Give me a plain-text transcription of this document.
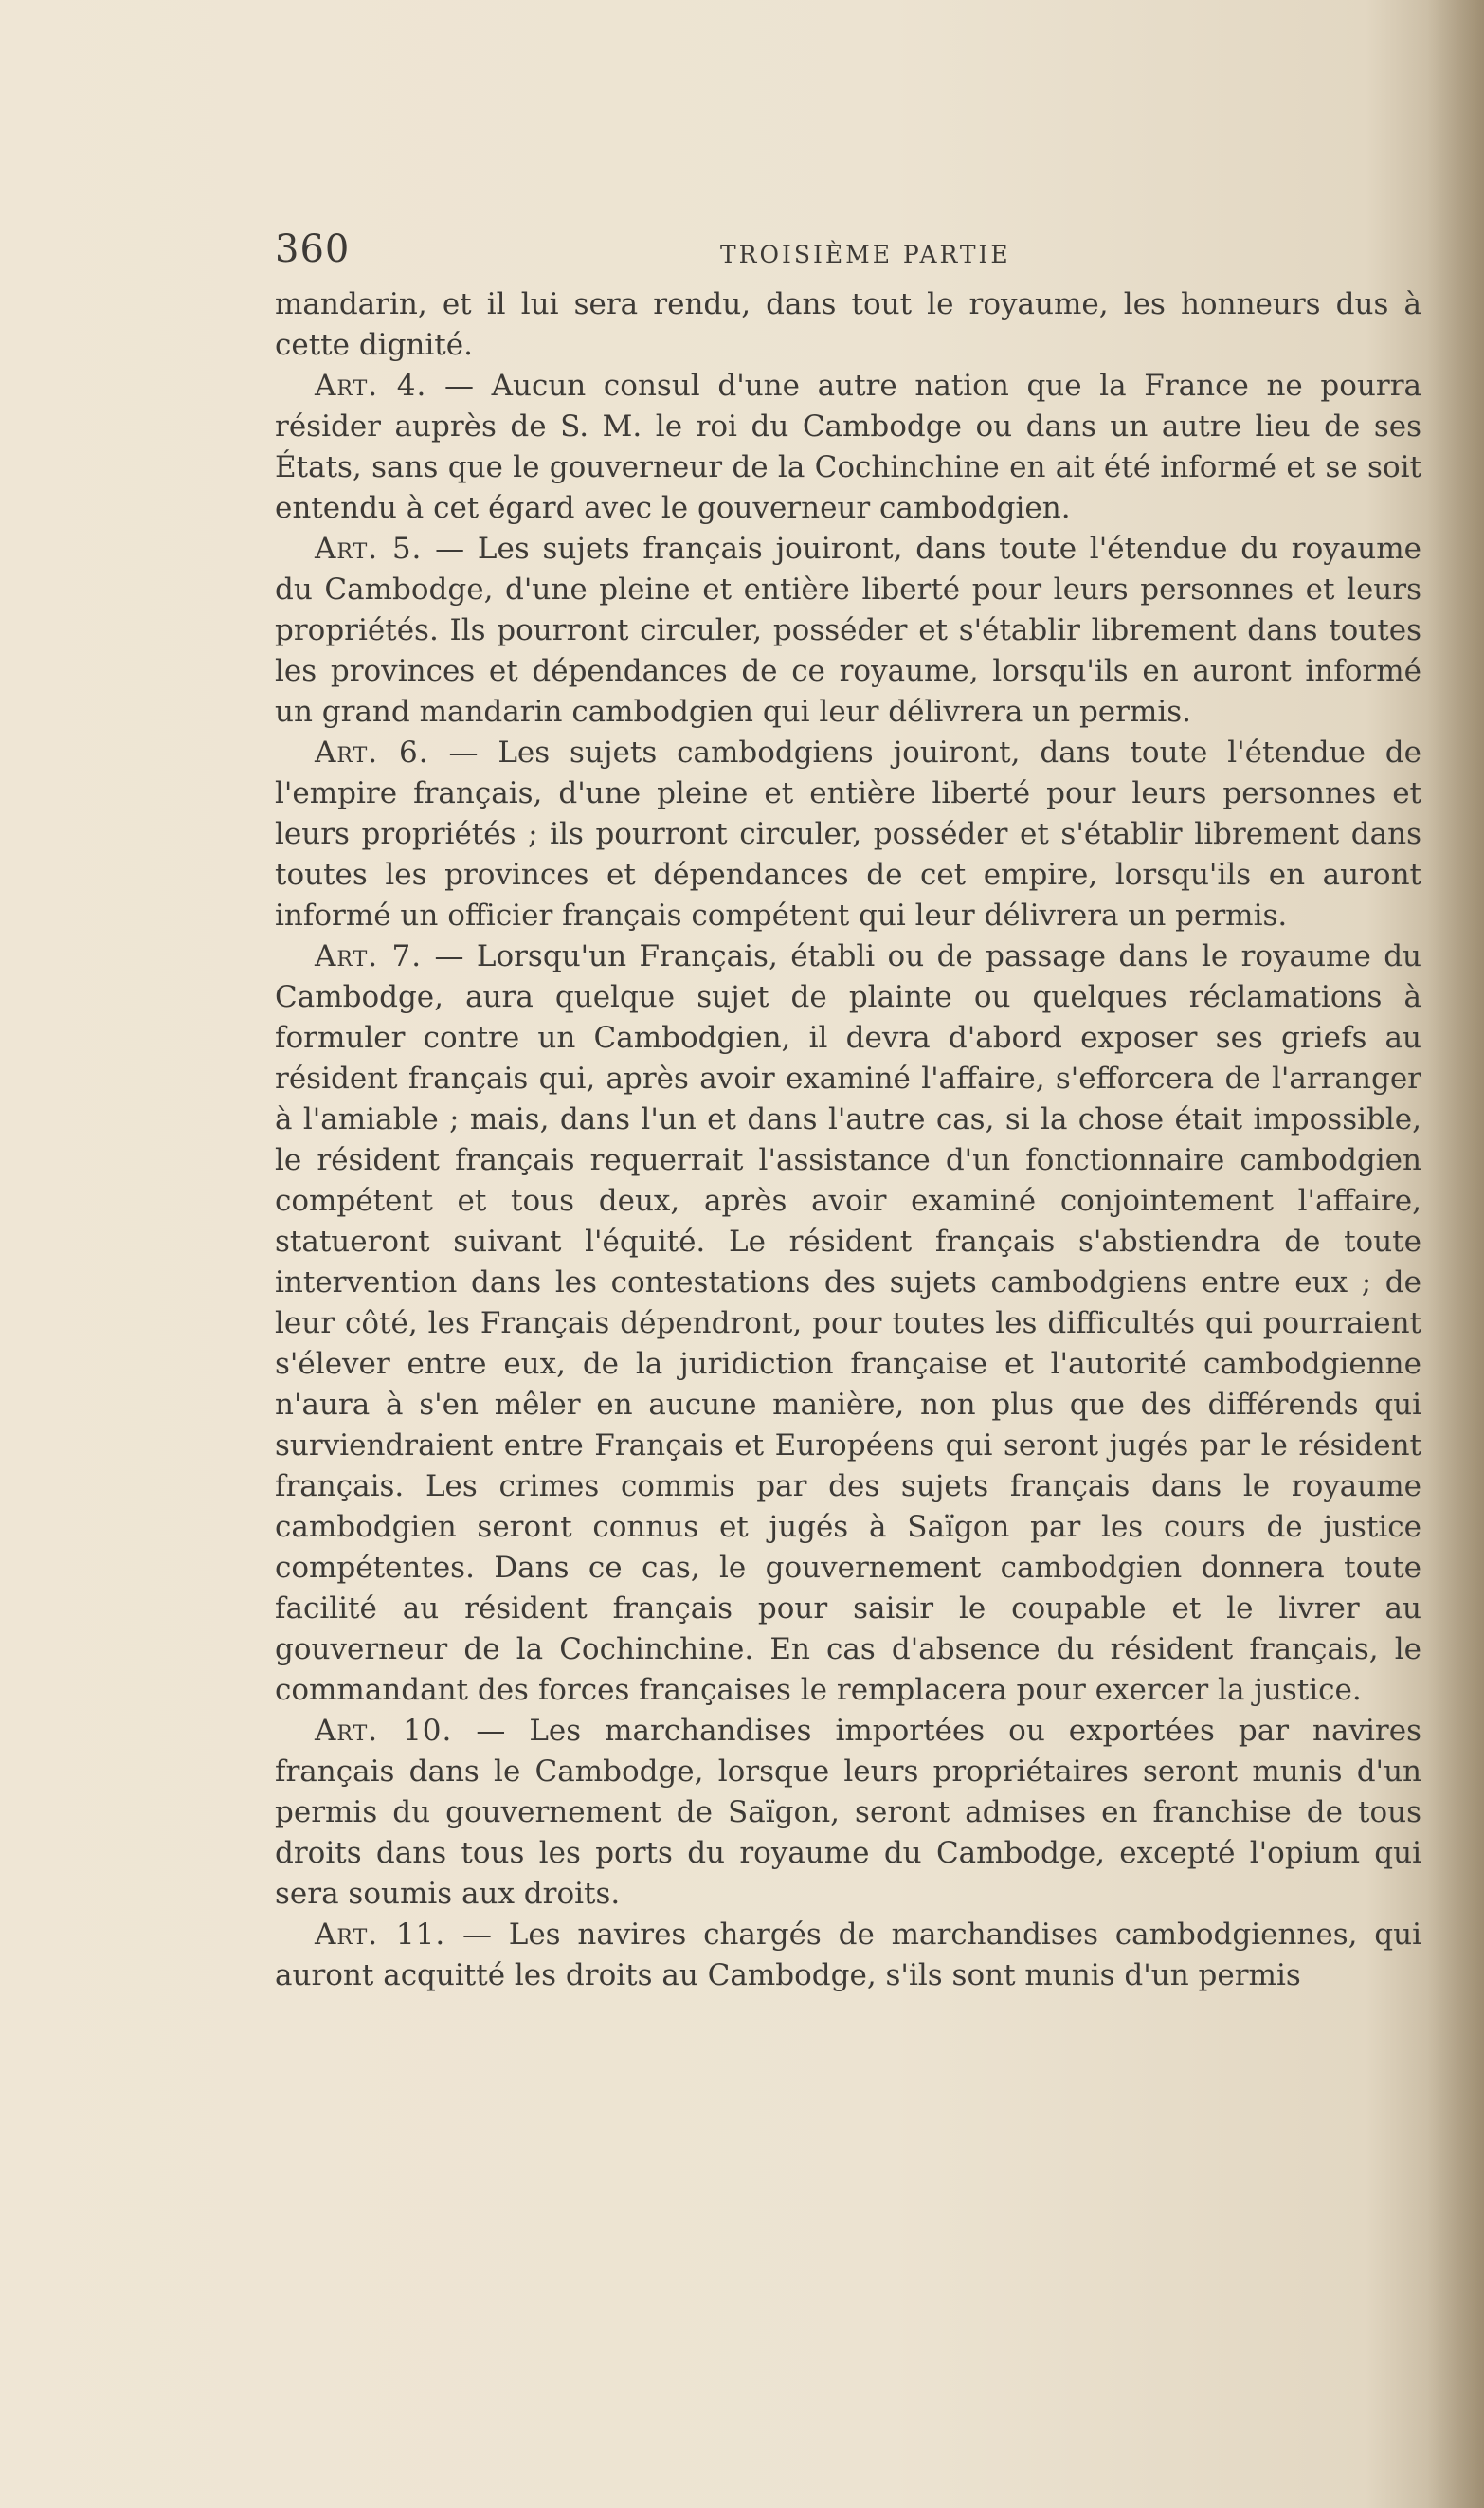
360	TROISIÈME PARTIE

mandarin, et il lui sera rendu, dans tout le royaume, les honneurs dus à cette dignité.

Art. 4. — Aucun consul d'une autre nation que la France ne pourra résider auprès de S. M. le roi du Cambodge ou dans un autre lieu de ses États, sans que le gouverneur de la Cochinchine en ait été informé et se soit entendu à cet égard avec le gouverneur cambodgien.

Art. 5. — Les sujets français jouiront, dans toute l'étendue du royaume du Cambodge, d'une pleine et entière liberté pour leurs personnes et leurs propriétés. Ils pourront circuler, posséder et s'établir librement dans toutes les provinces et dépendances de ce royaume, lorsqu'ils en auront informé un grand mandarin cambodgien qui leur délivrera un permis.

Art. 6. — Les sujets cambodgiens jouiront, dans toute l'étendue de l'empire français, d'une pleine et entière liberté pour leurs personnes et leurs propriétés ; ils pourront circuler, posséder et s'établir librement dans toutes les provinces et dépendances de cet empire, lorsqu'ils en auront informé un officier français compétent qui leur délivrera un permis.

Art. 7. — Lorsqu'un Français, établi ou de passage dans le royaume du Cambodge, aura quelque sujet de plainte ou quelques réclamations à formuler contre un Cambodgien, il devra d'abord exposer ses griefs au résident français qui, après avoir examiné l'affaire, s'efforcera de l'arranger à l'amiable ; mais, dans l'un et dans l'autre cas, si la chose était impossible, le résident français requerrait l'assistance d'un fonctionnaire cambodgien compétent et tous deux, après avoir examiné conjointement l'affaire, statueront suivant l'équité. Le résident français s'abstiendra de toute intervention dans les contestations des sujets cambodgiens entre eux ; de leur côté, les Français dépendront, pour toutes les difficultés qui pourraient s'élever entre eux, de la juridiction française et l'autorité cambodgienne n'aura à s'en mêler en aucune manière, non plus que des différends qui surviendraient entre Français et Européens qui seront jugés par le résident français. Les crimes commis par des sujets français dans le royaume cambodgien seront connus et jugés à Saïgon par les cours de justice compétentes. Dans ce cas, le gouvernement cambodgien donnera toute facilité au résident français pour saisir le coupable et le livrer au gouverneur de la Cochinchine. En cas d'absence du résident français, le commandant des forces françaises le remplacera pour exercer la justice.

Art. 10. — Les marchandises importées ou exportées par navires français dans le Cambodge, lorsque leurs propriétaires seront munis d'un permis du gouvernement de Saïgon, seront admises en franchise de tous droits dans tous les ports du royaume du Cambodge, excepté l'opium qui sera soumis aux droits.

Art. 11. — Les navires chargés de marchandises cambodgiennes, qui auront acquitté les droits au Cambodge, s'ils sont munis d'un permis
